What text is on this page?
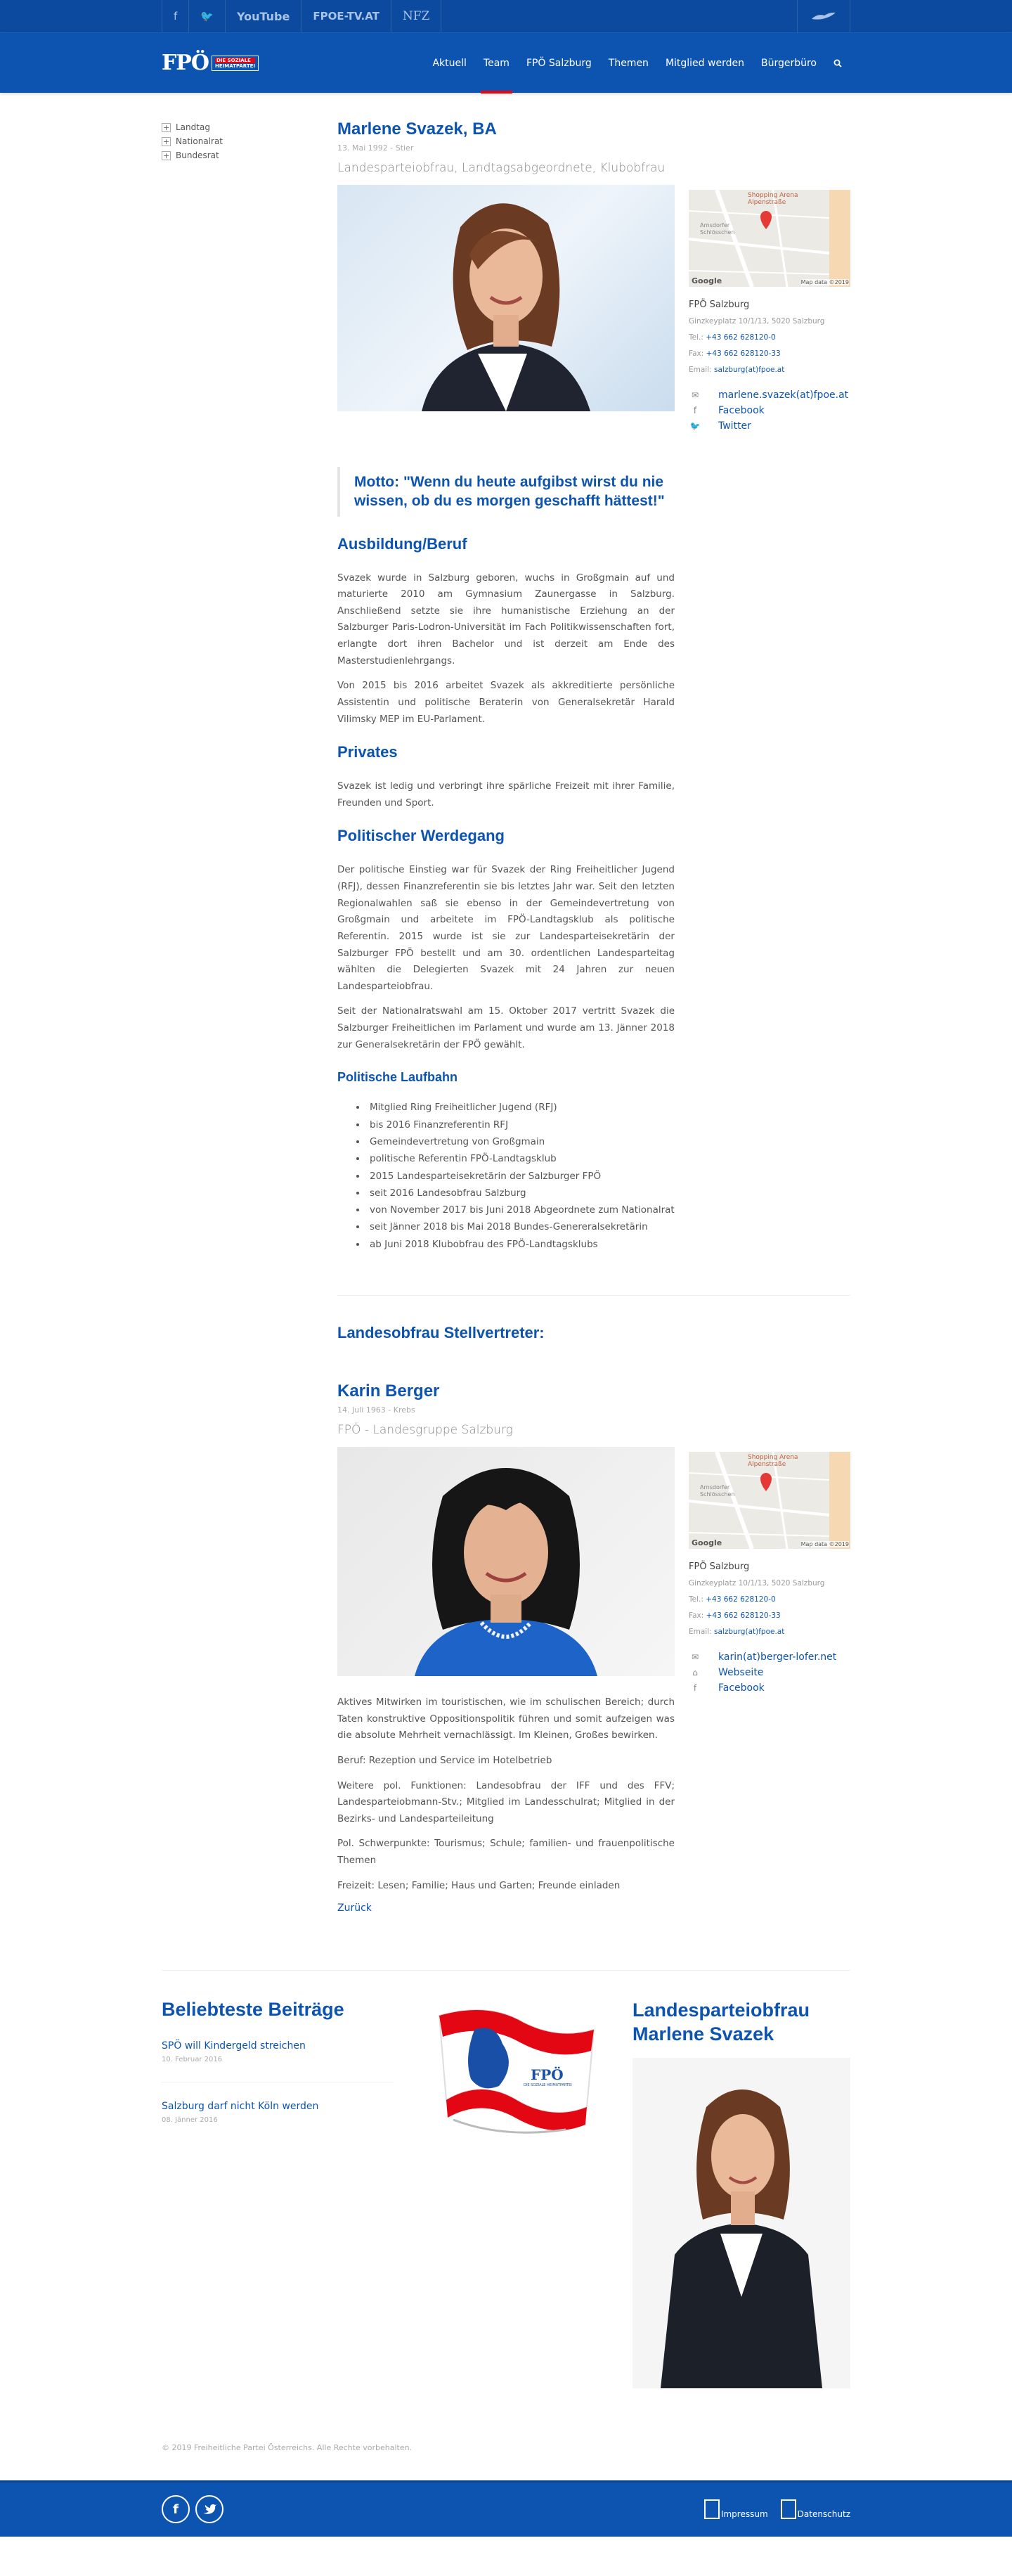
f 🐦 YouTube FPOE-TV.AT NFZ
FPÖ DIE SOZIALE
HEIMATPARTEI	Aktuell	Team	FPÖ Salzburg	Themen	Mitglied werden	Bürgerbüro
+ Landtag
+ Nationalrat
+ Bundesrat
Marlene Svazek, BA
13. Mai 1992 - Stier
Landesparteiobfrau, Landtagsabgeordnete, Klubobfrau
Shopping Arena
Alpenstraße
Arnsdorfer
Schlösschen
Google	Map data ©2019
FPÖ Salzburg
Ginzkeyplatz 10/1/13, 5020 Salzburg
Tel.: +43 662 628120-0
Fax: +43 662 628120-33
Email: salzburg(at)fpoe.at
✉ marlene.svazek(at)fpoe.at
f	Facebook
🐦 Twitter
Motto: "Wenn du heute aufgibst wirst du nie wissen, ob du es morgen geschafft hättest!"
Ausbildung/Beruf

Svazek wurde in Salzburg geboren, wuchs in Großgmain auf und maturierte 2010 am Gymnasium Zaunergasse in Salzburg. Anschließend setzte sie ihre humanistische Erziehung an der Salzburger Paris-Lodron-Universität im Fach Politikwissenschaften fort, erlangte dort ihren Bachelor und ist derzeit am Ende des Masterstudienlehrgangs.

Von 2015 bis 2016 arbeitet Svazek als akkreditierte persönliche Assistentin und politische Beraterin von Generalsekretär Harald Vilimsky MEP im EU-Parlament.

Privates

Svazek ist ledig und verbringt ihre spärliche Freizeit mit ihrer Familie, Freunden und Sport.

Politischer Werdegang

Der politische Einstieg war für Svazek der Ring Freiheitlicher Jugend (RFJ), dessen Finanzreferentin sie bis letztes Jahr war. Seit den letzten Regionalwahlen saß sie ebenso in der Gemeindevertretung von Großgmain und arbeitete im FPÖ-Landtagsklub als politische Referentin. 2015 wurde ist sie zur Landesparteisekretärin der Salzburger FPÖ bestellt und am 30. ordentlichen Landesparteitag wählten die Delegierten Svazek mit 24 Jahren zur neuen Landesparteiobfrau.

Seit der Nationalratswahl am 15. Oktober 2017 vertritt Svazek die Salzburger Freiheitlichen im Parlament und wurde am 13. Jänner 2018 zur Generalsekretärin der FPÖ gewählt.

Politische Laufbahn
• Mitglied Ring Freiheitlicher Jugend (RFJ)
• bis 2016 Finanzreferentin RFJ
• Gemeindevertretung von Großgmain
• politische Referentin FPÖ-Landtagsklub
• 2015 Landesparteisekretärin der Salzburger FPÖ
• seit 2016 Landesobfrau Salzburg
• von November 2017 bis Juni 2018 Abgeordnete zum Nationalrat
• seit Jänner 2018 bis Mai 2018 Bundes-Genereralsekretärin
• ab Juni 2018 Klubobfrau des FPÖ-Landtagsklubs
Landesobfrau Stellvertreter:
Karin Berger
14. Juli 1963 - Krebs
FPÖ - Landesgruppe Salzburg

Aktives Mitwirken im touristischen, wie im schulischen Bereich; durch Taten konstruktive Oppositionspolitik führen und somit aufzeigen was die absolute Mehrheit vernachlässigt. Im Kleinen, Großes bewirken.

Beruf: Rezeption und Service im Hotelbetrieb

Weitere pol. Funktionen: Landesobfrau der IFF und des FFV; Landesparteiobmann-Stv.; Mitglied im Landesschulrat; Mitglied in der Bezirks- und Landesparteileitung

Pol. Schwerpunkte: Tourismus; Schule; familien- und frauenpolitische Themen

Freizeit: Lesen; Familie; Haus und Garten; Freunde einladen

Zurück
Shopping Arena
Alpenstraße
Arnsdorfer
Schlösschen
Google	Map data ©2019
FPÖ Salzburg
Ginzkeyplatz 10/1/13, 5020 Salzburg
Tel.: +43 662 628120-0
Fax: +43 662 628120-33
Email: salzburg(at)fpoe.at
✉ karin(at)berger-lofer.net
⌂	Webseite
f	Facebook
Beliebteste Beiträge
SPÖ will Kindergeld streichen
10. Februar 2016
Salzburg darf nicht Köln werden
08. Jänner 2016
FPÖ
DIE SOZIALE HEIMATPARTEI
Landesparteiobfrau Marlene Svazek
© 2019 Freiheitliche Partei Österreichs. Alle Rechte vorbehalten.
f	Impressum	Datenschutz
